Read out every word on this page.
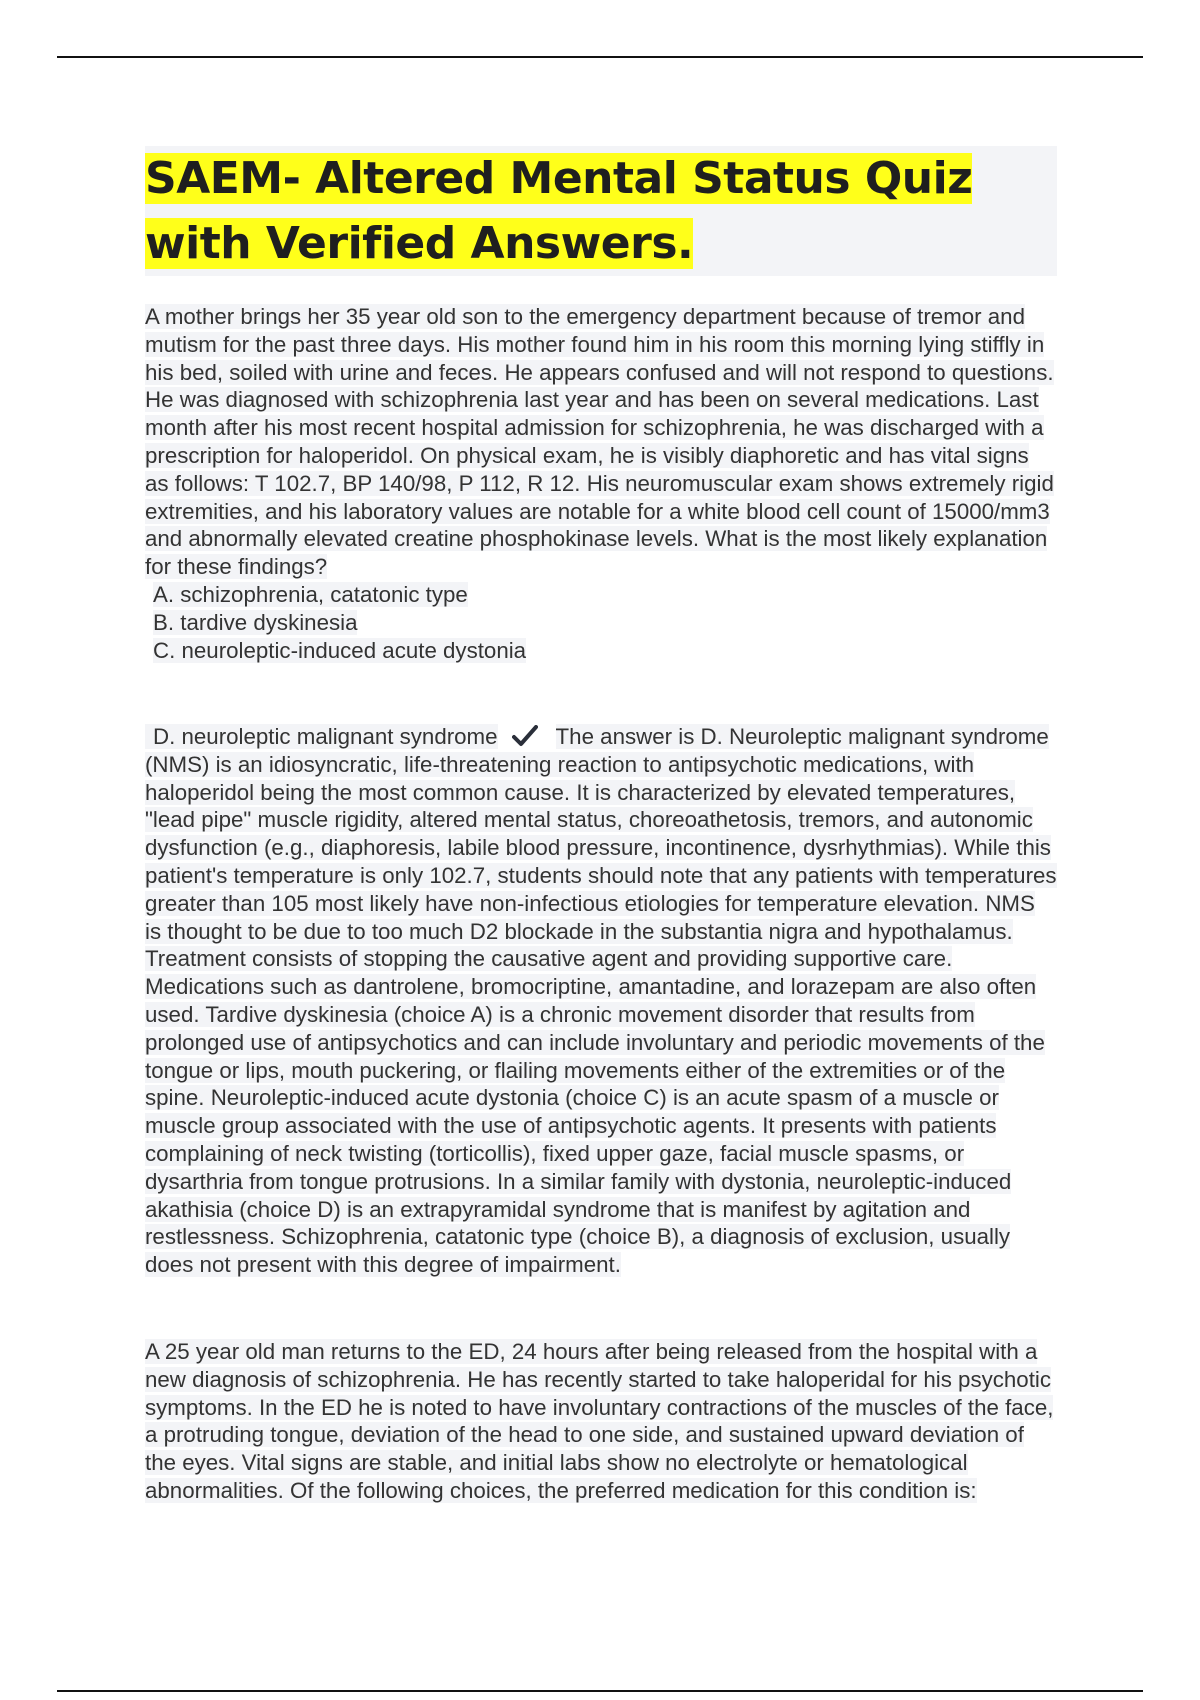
SAEM- Altered Mental Status Quiz with Verified Answers.
A mother brings her 35 year old son to the emergency department because of tremor and mutism for the past three days. His mother found him in his room this morning lying stiffly in his bed, soiled with urine and feces. He appears confused and will not respond to questions. He was diagnosed with schizophrenia last year and has been on several medications. Last month after his most recent hospital admission for schizophrenia, he was discharged with a prescription for haloperidol. On physical exam, he is visibly diaphoretic and has vital signs as follows: T 102.7, BP 140/98, P 112, R 12. His neuromuscular exam shows extremely rigid extremities, and his laboratory values are notable for a white blood cell count of 15000/mm3 and abnormally elevated creatine phosphokinase levels. What is the most likely explanation for these findings?
A. schizophrenia, catatonic type
B. tardive dyskinesia
C. neuroleptic-induced acute dystonia
D. neuroleptic malignant syndrome	The answer is D. Neuroleptic malignant syndrome (NMS) is an idiosyncratic, life-threatening reaction to antipsychotic medications, with haloperidol being the most common cause. It is characterized by elevated temperatures, "lead pipe" muscle rigidity, altered mental status, choreoathetosis, tremors, and autonomic dysfunction (e.g., diaphoresis, labile blood pressure, incontinence, dysrhythmias). While this patient's temperature is only 102.7, students should note that any patients with temperatures greater than 105 most likely have non-infectious etiologies for temperature elevation. NMS is thought to be due to too much D2 blockade in the substantia nigra and hypothalamus. Treatment consists of stopping the causative agent and providing supportive care. Medications such as dantrolene, bromocriptine, amantadine, and lorazepam are also often used. Tardive dyskinesia (choice A) is a chronic movement disorder that results from prolonged use of antipsychotics and can include involuntary and periodic movements of the tongue or lips, mouth puckering, or flailing movements either of the extremities or of the spine. Neuroleptic-induced acute dystonia (choice C) is an acute spasm of a muscle or muscle group associated with the use of antipsychotic agents. It presents with patients complaining of neck twisting (torticollis), fixed upper gaze, facial muscle spasms, or dysarthria from tongue protrusions. In a similar family with dystonia, neuroleptic-induced akathisia (choice D) is an extrapyramidal syndrome that is manifest by agitation and restlessness. Schizophrenia, catatonic type (choice B), a diagnosis of exclusion, usually does not present with this degree of impairment.
A 25 year old man returns to the ED, 24 hours after being released from the hospital with a new diagnosis of schizophrenia. He has recently started to take haloperidal for his psychotic symptoms. In the ED he is noted to have involuntary contractions of the muscles of the face, a protruding tongue, deviation of the head to one side, and sustained upward deviation of the eyes. Vital signs are stable, and initial labs show no electrolyte or hematological abnormalities. Of the following choices, the preferred medication for this condition is:
